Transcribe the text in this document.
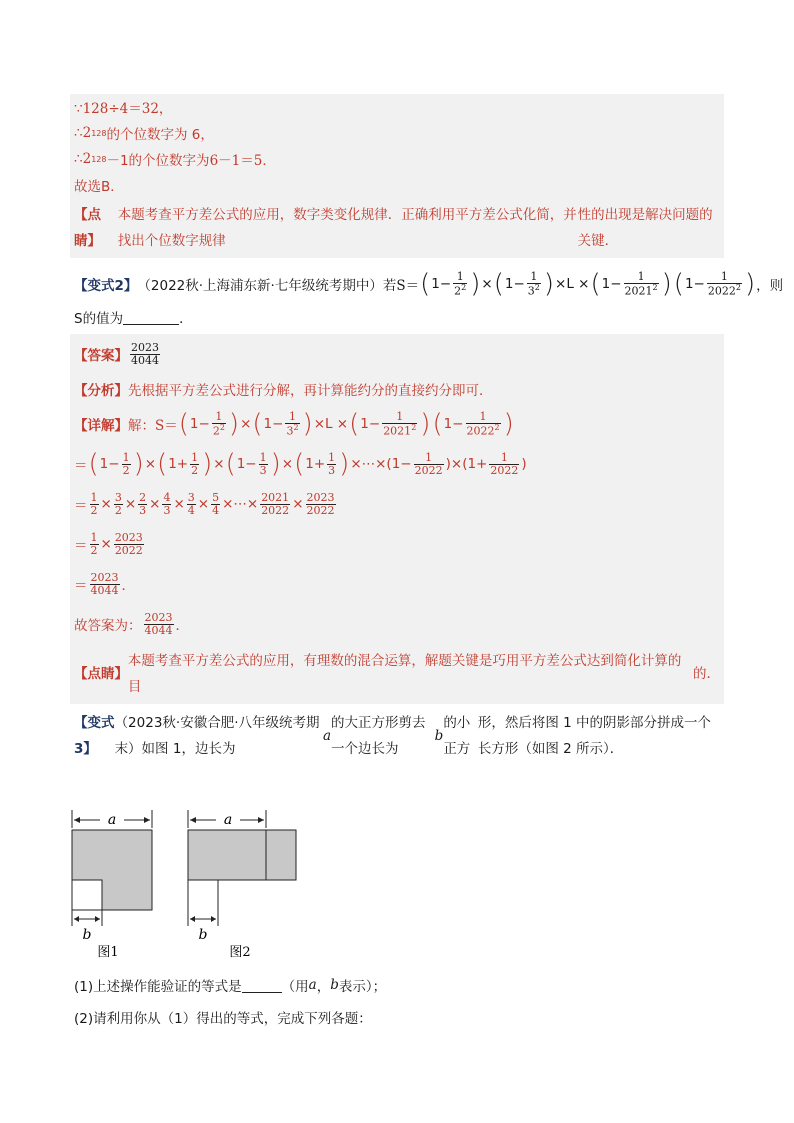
∵128÷4＝32，
∴2 128 的个位数字为 6，
∴2 128 －1的个位数字为 6－1＝5．
故选B．
【点睛】
本题考查平方差公式的应用，数字类变化规律．正确利用平方差公式化简，并找出个位数字规律

性的出现是解决问题的关键．
【变式2】 （2022秋·上海浦东新·七年级统考期中）若 S＝ ( 1− 1
$2^2$ ) × ( 1− 1
$3^2$ ) ×L × ( 1− 1
2021$^2$ ) ( 1− 1
2022$^2$ ) ，则
S的值为	．
【答案】
2023
4044
【分析】 先根据平方差公式进行分解，再计算能约分的直接约分即可．
【详解】 解： S＝ ( 1− 1
$2^2$ ) × ( 1− 1
$3^2$ ) ×L × ( 1− 1
2021$^2$ ) ( 1− 1
2022$^2$ )
＝ ( 1− 1
2 ) × ( 1+ 1
2 ) × ( 1− 1
3 ) × ( 1+ 1
3 ) ×⋯×(1− 1
2022 )×(1+ 1
2022 )
＝
1
2 × 3
2 × 2
3 × 4
3 × 3
4 × 5
4 ×⋯× 2021
2022 × 2023
2022
＝
1
2 × 2023
2022
＝
2023
4044 ．
故答案为：
2023
4044 ．
【点睛】
本题考查平方差公式的应用，有理数的混合运算，解题关键是巧用平方差公式达到简化计算的目

的．
【变式3】
（2023秋·安徽合肥·八年级统考期末）如图 1，边长为
a
的大正方形剪去一个边长为
b
的小正方

形，然后将图 1 中的阴影部分拼成一个长方形（如图 2 所示）．
a
b
图1
a
b
图2
(1)上述操作能验证的等式是	（用 a ， b 表示）；
(2)请利用你从（1）得出的等式，完成下列各题：
